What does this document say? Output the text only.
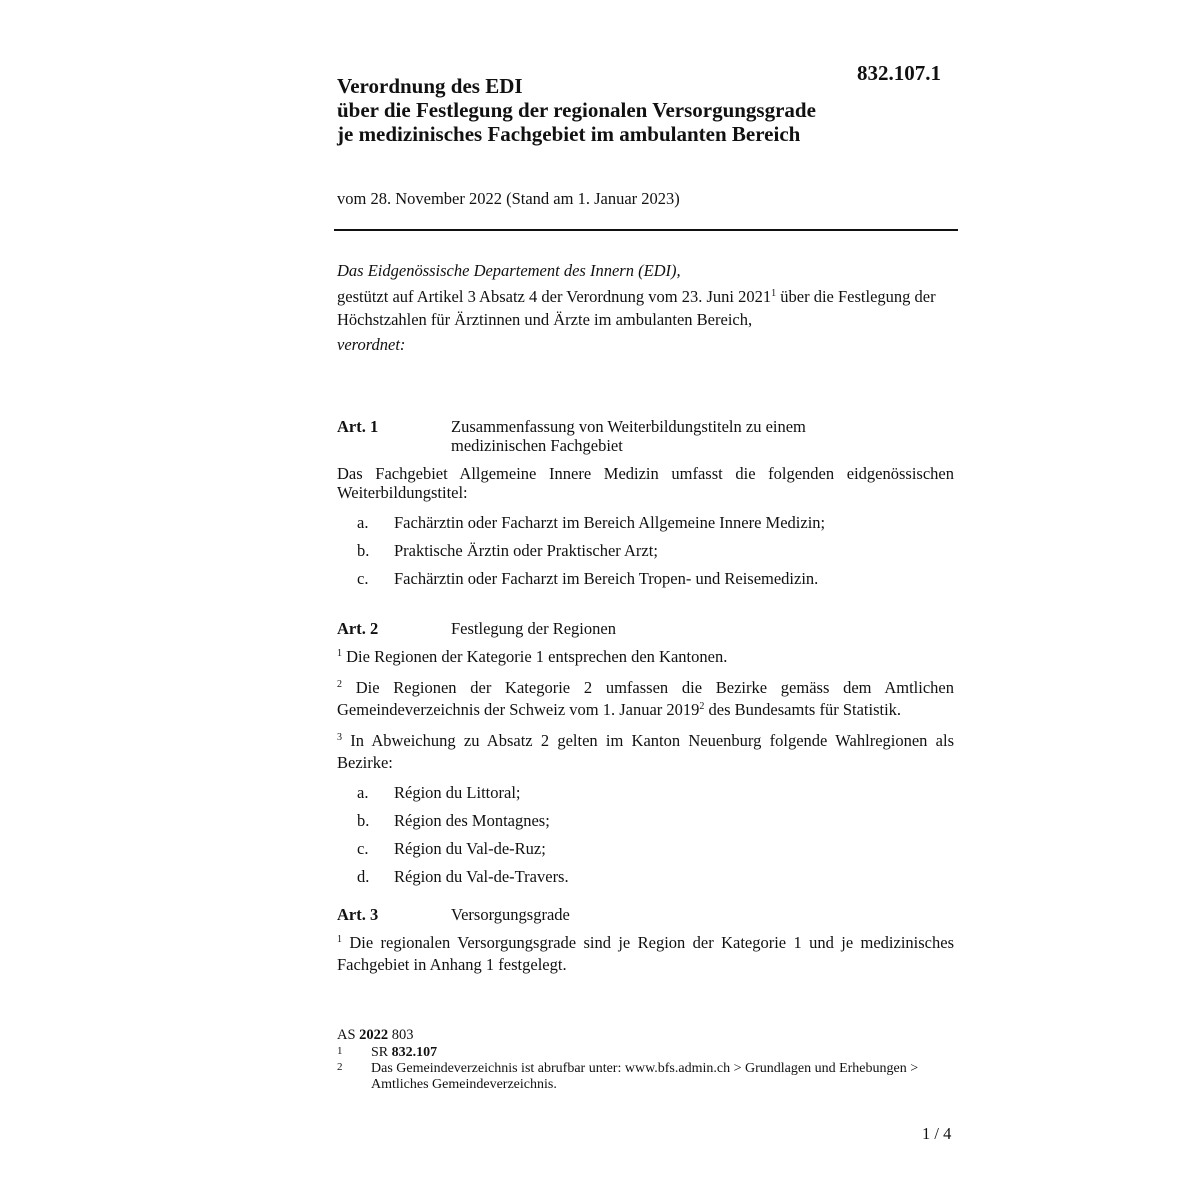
832.107.1
Verordnung des EDI
über die Festlegung der regionalen Versorgungsgrade
je medizinisches Fachgebiet im ambulanten Bereich
vom 28. November 2022 (Stand am 1. Januar 2023)

Das Eidgenössische Departement des Innern (EDI),

gestützt auf Artikel 3 Absatz 4 der Verordnung vom 23. Juni 2021$^1$ über die Festlegung der Höchstzahlen für Ärztinnen und Ärzte im ambulanten Bereich,

verordnet:

Art. 1	Zusammenfassung von Weiterbildungstiteln zu einem medizinischen Fachgebiet

Das Fachgebiet Allgemeine Innere Medizin umfasst die folgenden eidgenössischen Weiterbildungstitel:

a. Fachärztin oder Facharzt im Bereich Allgemeine Innere Medizin;
b. Praktische Ärztin oder Praktischer Arzt;
c. Fachärztin oder Facharzt im Bereich Tropen- und Reisemedizin.
Art. 2	Festlegung der Regionen

$^1$ Die Regionen der Kategorie 1 entsprechen den Kantonen.

$^2$ Die Regionen der Kategorie 2 umfassen die Bezirke gemäss dem Amtlichen Gemeindeverzeichnis der Schweiz vom 1. Januar 2019$^2$ des Bundesamts für Statistik.

$^3$ In Abweichung zu Absatz 2 gelten im Kanton Neuenburg folgende Wahlregionen als Bezirke:

a. Région du Littoral;
b. Région des Montagnes;
c. Région du Val-de-Ruz;
d. Région du Val-de-Travers.
Art. 3	Versorgungsgrade

$^1$ Die regionalen Versorgungsgrade sind je Region der Kategorie 1 und je medizinisches Fachgebiet in Anhang 1 festgelegt.

AS 2022 803
1 SR 832.107
2 Das Gemeindeverzeichnis ist abrufbar unter: www.bfs.admin.ch > Grundlagen und Erhebungen > Amtliches Gemeindeverzeichnis.
1 / 4
